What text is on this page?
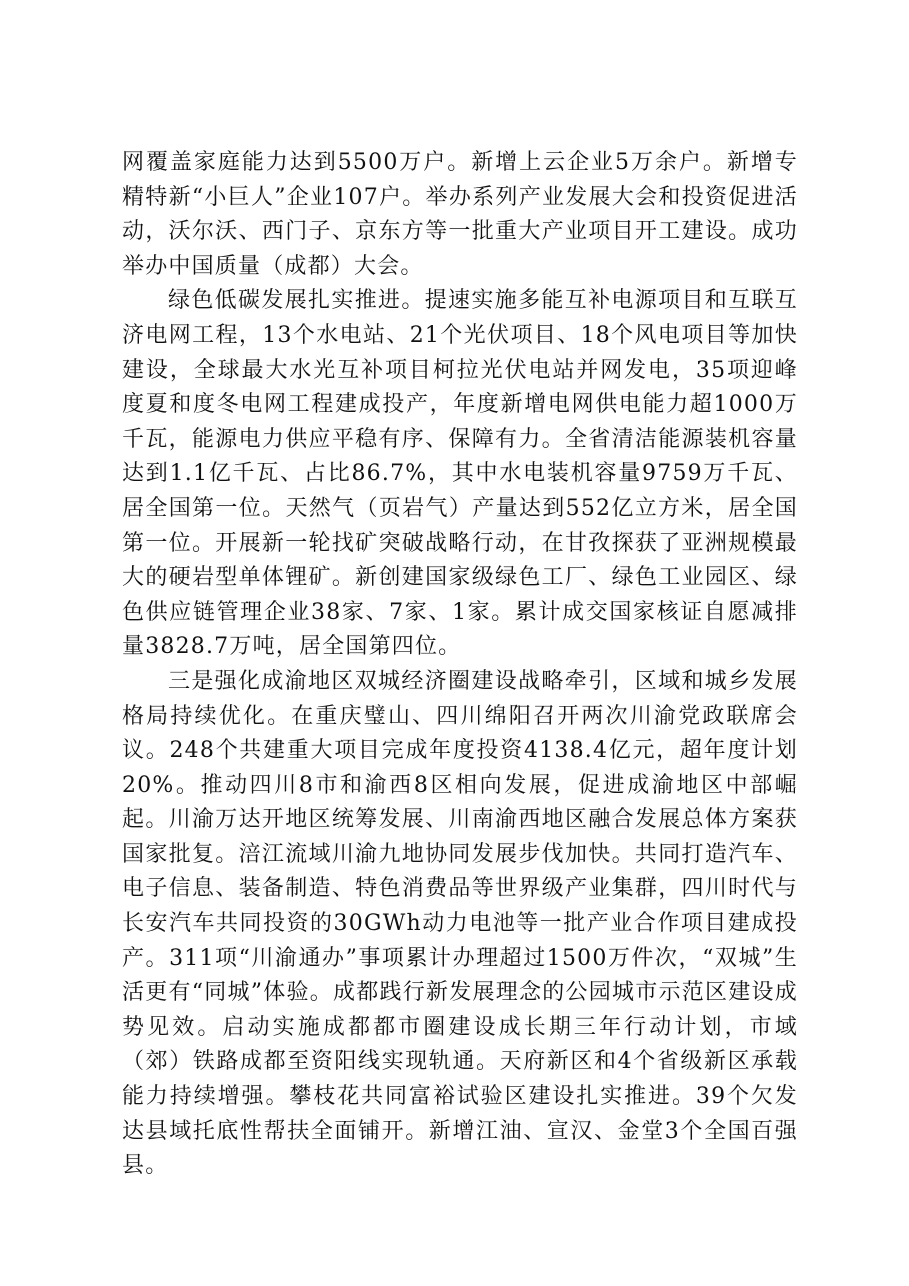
网覆盖家庭能力达到5500万户。新增上云企业5万余户。新增专精特新“小巨人”企业107户。举办系列产业发展大会和投资促进活动，沃尔沃、西门子、京东方等一批重大产业项目开工建设。成功举办中国质量（成都）大会。

绿色低碳发展扎实推进。提速实施多能互补电源项目和互联互济电网工程，13个水电站、21个光伏项目、18个风电项目等加快建设，全球最大水光互补项目柯拉光伏电站并网发电，35项迎峰度夏和度冬电网工程建成投产，年度新增电网供电能力超1000万千瓦，能源电力供应平稳有序、保障有力。全省清洁能源装机容量达到1.1亿千瓦、占比86.7%，其中水电装机容量9759万千瓦、居全国第一位。天然气（页岩气）产量达到552亿立方米，居全国第一位。开展新一轮找矿突破战略行动，在甘孜探获了亚洲规模最大的硬岩型单体锂矿。新创建国家级绿色工厂、绿色工业园区、绿色供应链管理企业38家、7家、1家。累计成交国家核证自愿减排量3828.7万吨，居全国第四位。

三是强化成渝地区双城经济圈建设战略牵引，区域和城乡发展格局持续优化。在重庆璧山、四川绵阳召开两次川渝党政联席会议。248个共建重大项目完成年度投资4138.4亿元，超年度计划20%。推动四川8市和渝西8区相向发展，促进成渝地区中部崛起。川渝万达开地区统筹发展、川南渝西地区融合发展总体方案获国家批复。涪江流域川渝九地协同发展步伐加快。共同打造汽车、电子信息、装备制造、特色消费品等世界级产业集群，四川时代与长安汽车共同投资的30GWh动力电池等一批产业合作项目建成投产。311项“川渝通办”事项累计办理超过1500万件次，“双城”生活更有“同城”体验。成都践行新发展理念的公园城市示范区建设成势见效。启动实施成都都市圈建设成长期三年行动计划，市域（郊）铁路成都至资阳线实现轨通。天府新区和4个省级新区承载能力持续增强。攀枝花共同富裕试验区建设扎实推进。39个欠发达县域托底性帮扶全面铺开。新增江油、宣汉、金堂3个全国百强县。
